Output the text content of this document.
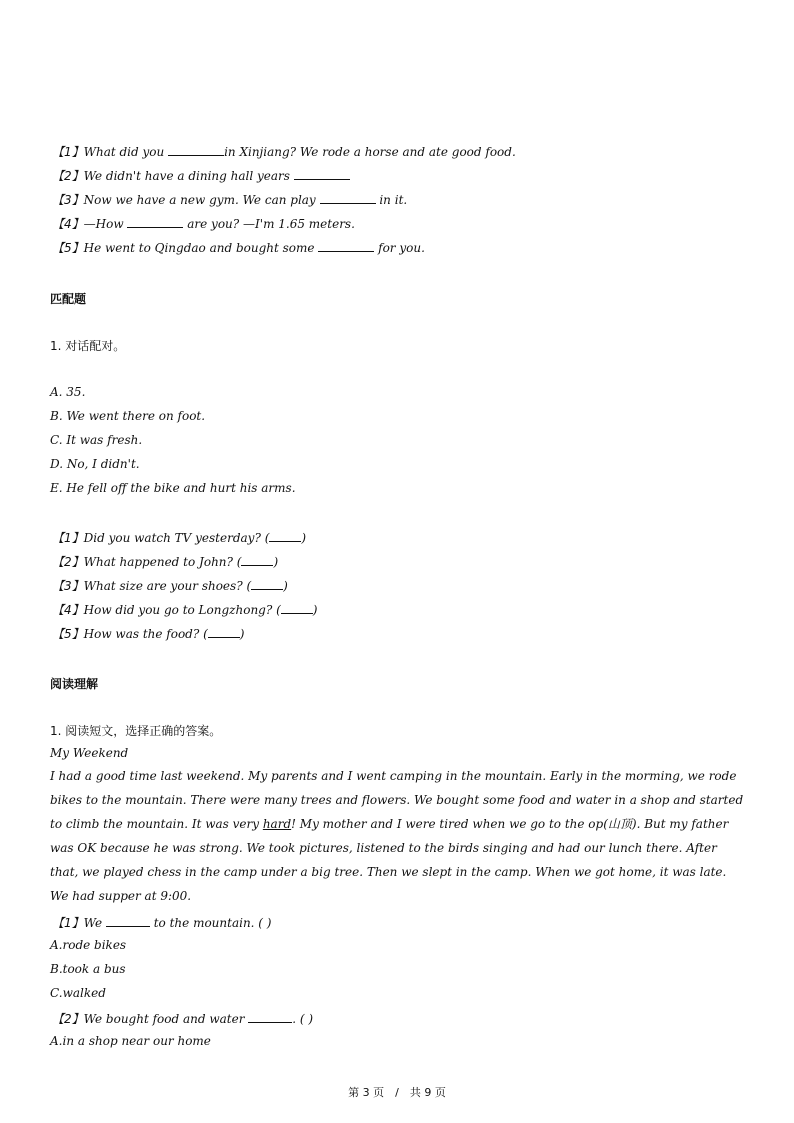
【1】What did you	in Xinjiang? We rode a horse and ate good food.
【2】We didn't have a dining hall years
【3】Now we have a new gym. We can play	in it.
【4】—How	are you? —I'm 1.65 meters.
【5】He went to Qingdao and bought some	for you.
匹配题
1. 对话配对。
A. 35.
B. We went there on foot.
C. It was fresh.
D. No, I didn't.
E. He fell off the bike and hurt his arms.
【1】Did you watch TV yesterday? (	)
【2】What happened to John? (	)
【3】What size are your shoes? (	)
【4】How did you go to Longzhong? (	)
【5】How was the food? (	)
阅读理解
1. 阅读短文，选择正确的答案。
My Weekend
I had a good time last weekend. My parents and I went camping in the mountain. Early in the morming, we rode bikes to the mountain. There were many trees and flowers. We bought some food and water in a shop and started to climb the mountain. It was very hard! My mother and I were tired when we go to the op(山顶). But my father was OK because he was strong. We took pictures, listened to the birds singing and had our lunch there. After that, we played chess in the camp under a big tree. Then we slept in the camp. When we got home, it was late. We had supper at 9:00.
【1】We	to the mountain. ( )
A.rode bikes
B.took a bus
C.walked
【2】We bought food and water	. ( )
A.in a shop near our home
第 3 页　/　共 9 页
